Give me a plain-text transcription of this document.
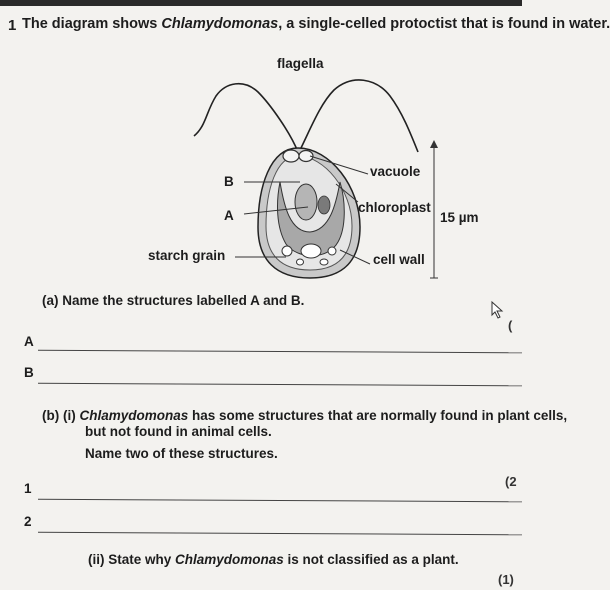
1 The diagram shows Chlamydomonas, a single-celled protoctist that is found in water.
flagella
vacuole
B
A
chloroplast
15 µm
starch grain	cell wall
(a) Name the structures labelled A and B.
(
A
B
(b) (i) Chlamydomonas has some structures that are normally found in plant cells,
but not found in animal cells.
Name two of these structures.
(2
1
2
(ii) State why Chlamydomonas is not classified as a plant.
(1)
